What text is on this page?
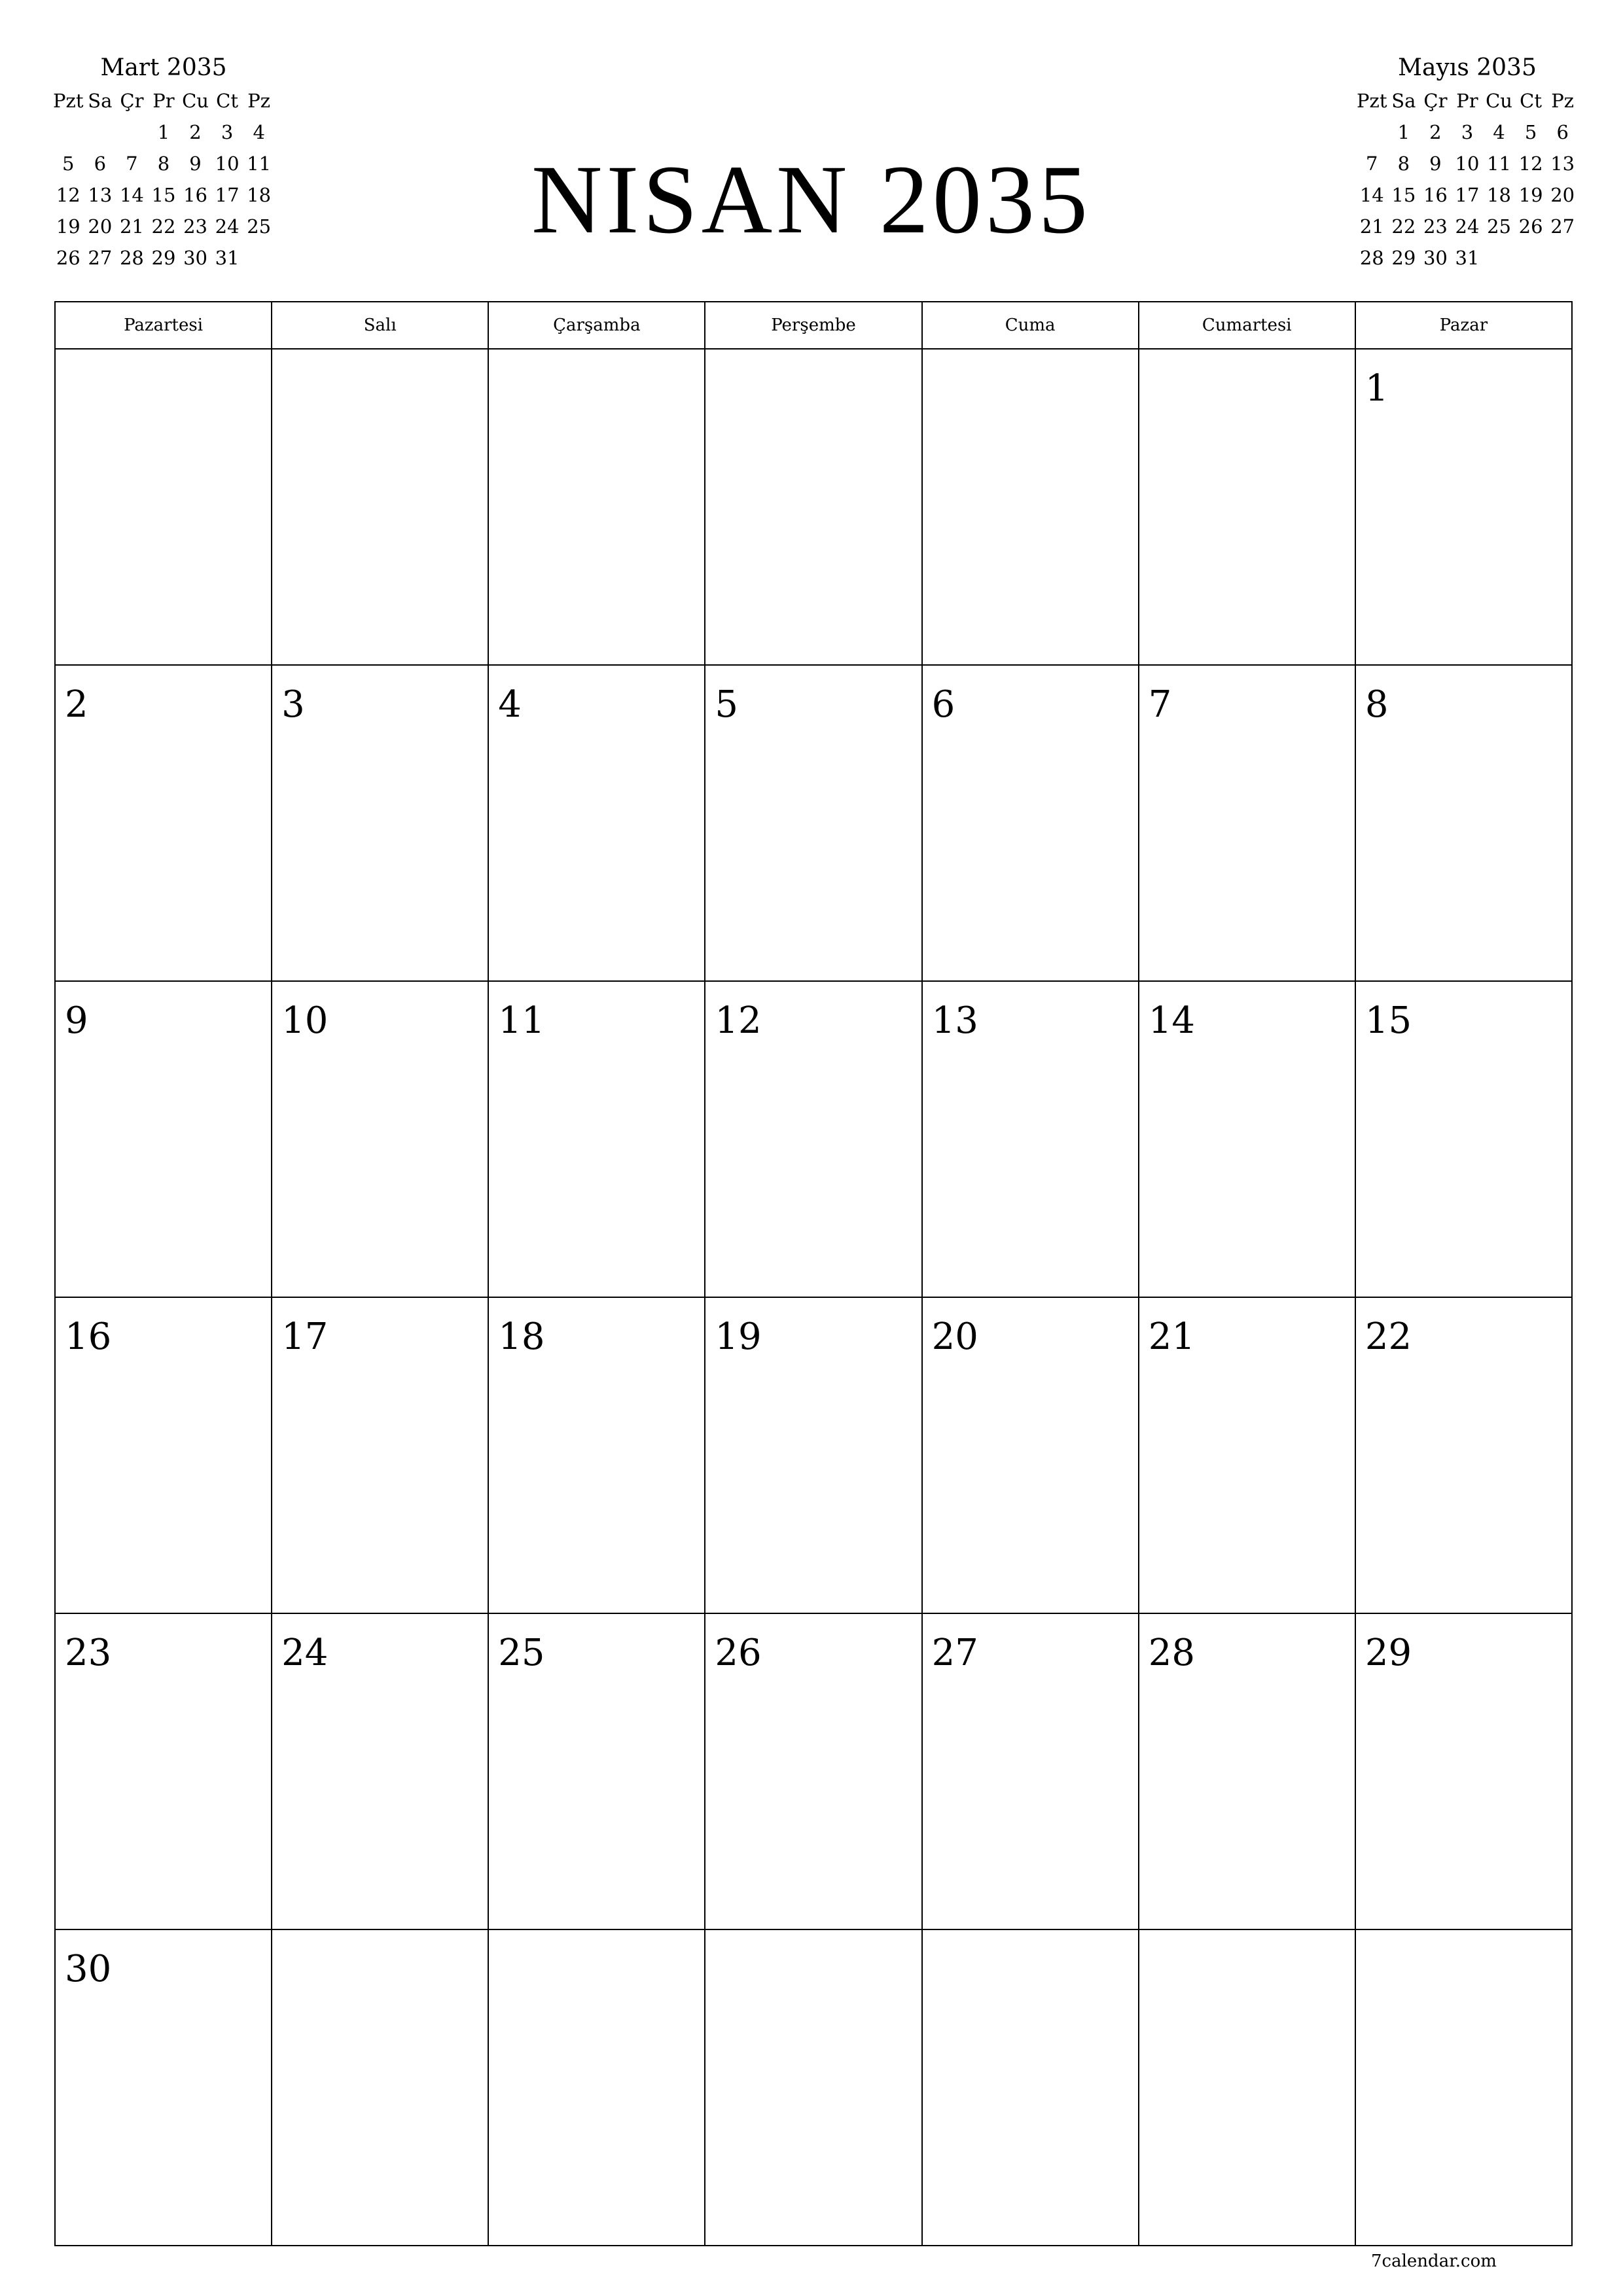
Mart 2035
Pzt	Sa	Çr	Pr	Cu	Ct	Pz
			1	2	3	4
5	6	7	8	9	10	11
12	13	14	15	16	17	18
19	20	21	22	23	24	25
26	27	28	29	30	31	
NISAN 2035
Mayıs 2035
Pzt	Sa	Çr	Pr	Cu	Ct	Pz
	1	2	3	4	5	6
7	8	9	10	11	12	13
14	15	16	17	18	19	20
21	22	23	24	25	26	27
28	29	30	31			
Pazartesi	Salı	Çarşamba	Perşembe	Cuma	Cumartesi	Pazar

						1

2	3	4	5	6	7	8

9	10	11	12	13	14	15

16	17	18	19	20	21	22

23	24	25	26	27	28	29

30						

7calendar.com
